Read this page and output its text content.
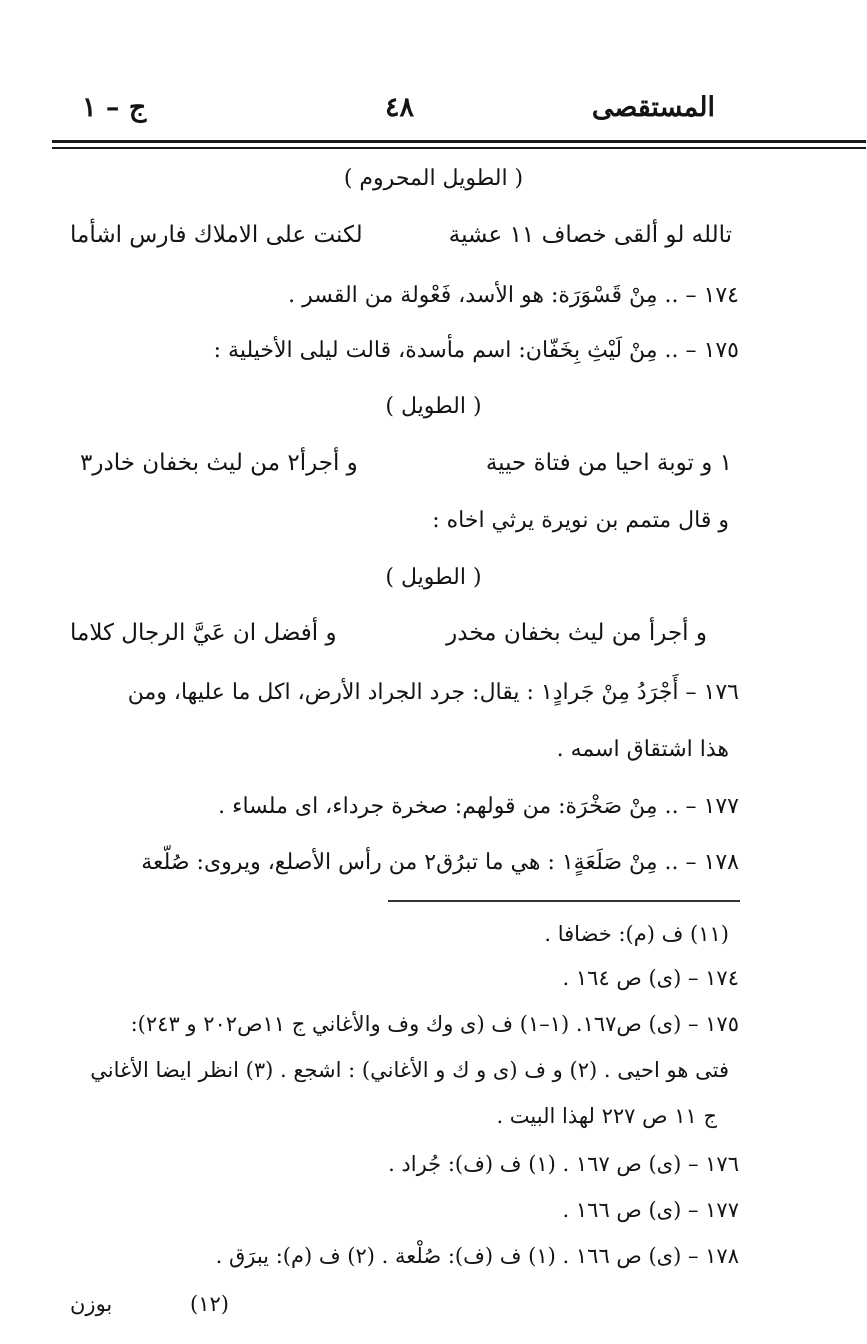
المستقصى
٤٨
ج – ١
( الطويل المحروم )
تالله لو ألقى خصاف ١١ عشية
لكنت على الاملاك فارس اشأما
١٧٤ – .. مِنْ قَسْوَرَة: هو الأسد، فَعْولة من القسر .
١٧٥ – .. مِنْ لَيْثِ بِخَفّان: اسم مأسدة، قالت ليلى الأخيلية :
( الطويل )
١ و توبة احيا من فتاة حيية
و أجرأ٢ من ليث بخفان خادر٣
و قال متمم بن نويرة يرثي اخاه :
( الطويل )
و أجرأ من ليث بخفان مخدر
و أفضل ان عَيَّ الرجال كلاما
١٧٦ – أَجْرَدُ مِنْ جَرادٍ١ : يقال: جرد الجراد الأرض، اكل ما عليها، ومن
هذا اشتقاق اسمه .
١٧٧ – .. مِنْ صَخْرَة: من قولهم: صخرة جرداء، اى ملساء .
١٧٨ – .. مِنْ صَلَعَةٍ١ : هي ما تبرُق٢ من رأس الأصلع، ويروى: صُلّعة
(١١) ف (م): خضافا .
١٧٤ – (ى) ص ١٦٤ .
١٧٥ – (ى) ص١٦٧. (١–١) ف (ى وك وف والأغاني ج ١١ص٢٠٢ و ٢٤٣):
فتى هو احيى . (٢) و ف (ى و ك و الأغاني) : اشجع . (٣) انظر ايضا الأغاني
ج ١١ ص ٢٢٧ لهذا البيت .
١٧٦ – (ى) ص ١٦٧ . (١) ف (ف): جُراد .
١٧٧ – (ى) ص ١٦٦ .
١٧٨ – (ى) ص ١٦٦ . (١) ف (ف): صُلْعة . (٢) ف (م): يبرَق .
(١٢)
بوزن
